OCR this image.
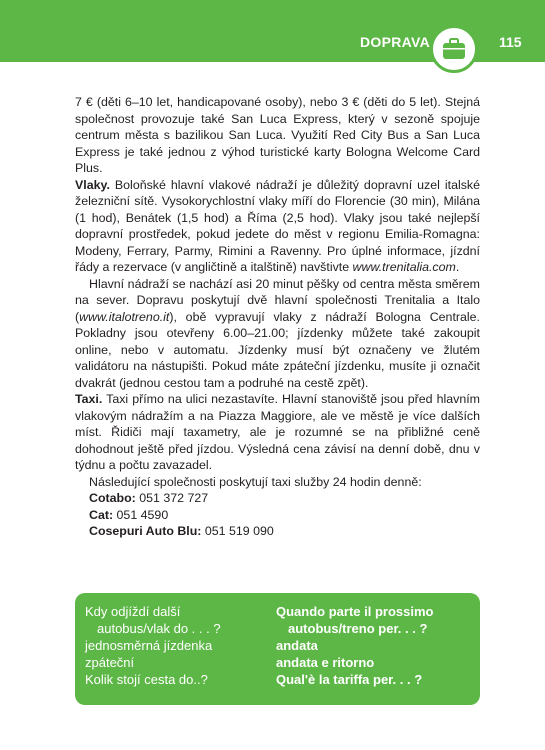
DOPRAVA	115

7 € (děti 6–10 let, handicapované osoby), nebo 3 € (děti do 5 let). Stejná společnost provozuje také San Luca Express, který v sezoně spojuje centrum města s bazilikou San Luca. Využití Red City Bus a San Luca Express je také jednou z výhod turistické karty Bologna Welcome Card Plus.

Vlaky. Boloňské hlavní vlakové nádraží je důležitý dopravní uzel italské železniční sítě. Vysokorychlostní vlaky míří do Florencie (30 min), Milána (1 hod), Benátek (1,5 hod) a Říma (2,5 hod). Vlaky jsou také nejlepší dopravní prostředek, pokud jedete do měst v regionu Emilia-Romagna: Modeny, Ferrary, Parmy, Rimini a Ravenny. Pro úplné informace, jízdní řády a rezervace (v angličtině a italštině) navštivte www.trenitalia.com.

Hlavní nádraží se nachází asi 20 minut pěšky od centra města směrem na sever. Dopravu poskytují dvě hlavní společnosti Trenitalia a Italo (www.italotreno.it), obě vypravují vlaky z nádraží Bologna Centrale. Pokladny jsou otevřeny 6.00–21.00; jízdenky můžete také zakoupit online, nebo v automatu. Jízdenky musí být označeny ve žlutém validátoru na nástupišti. Pokud máte zpáteční jízdenku, musíte ji označit dvakrát (jednou cestou tam a podruhé na cestě zpět).

Taxi. Taxi přímo na ulici nezastavíte. Hlavní stanoviště jsou před hlavním vlakovým nádražím a na Piazza Maggiore, ale ve městě je více dalších míst. Řidiči mají taxametry, ale je rozumné se na přibližné ceně dohodnout ještě před jízdou. Výsledná cena závisí na denní době, dnu v týdnu a počtu zavazadel.

Následující společnosti poskytují taxi služby 24 hodin denně:

Cotabo: 051 372 727

Cat: 051 4590

Cosepuri Auto Blu: 051 519 090

Kdy odjíždí další
autobus/vlak do . . . ?
jednosměrná jízdenka
zpáteční
Kolik stojí cesta do..?
Quando parte il prossimo
autobus/treno per. . . ?
andata
andata e ritorno
Qual'è la tariffa per. . . ?
